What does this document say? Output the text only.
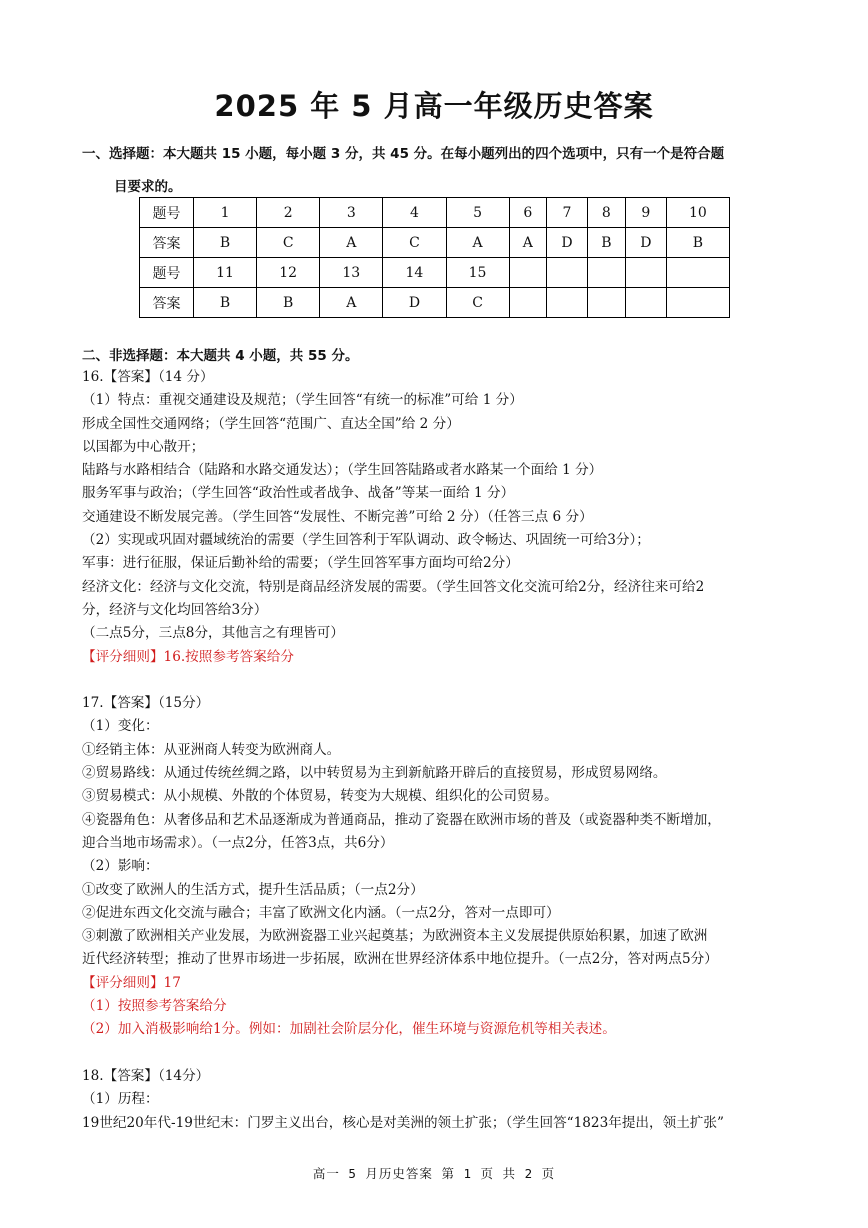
2025 年 5 月高一年级历史答案
一、选择题：本大题共 15 小题，每小题 3 分，共 45 分。在每小题列出的四个选项中，只有一个是符合题
目要求的。
题号	1	2	3	4	5	6	7	8	9	10
答案	B	C	A	C	A	A	D	B	D	B
题号	11	12	13	14	15					
答案	B	B	A	D	C					
二、非选择题：本大题共 4 小题，共 55 分。
16.【答案】（14 分）
（1）特点：重视交通建设及规范；（学生回答“有统一的标准”可给 1 分）
形成全国性交通网络；（学生回答“范围广、直达全国”给 2 分）
以国都为中心散开；
陆路与水路相结合（陆路和水路交通发达）；（学生回答陆路或者水路某一个面给 1 分）
服务军事与政治；（学生回答“政治性或者战争、战备”等某一面给 1 分）
交通建设不断发展完善。（学生回答“发展性、不断完善”可给 2 分）（任答三点 6 分）
（2）实现或巩固对疆域统治的需要（学生回答利于军队调动、政令畅达、巩固统一可给3分）；
军事：进行征服，保证后勤补给的需要；（学生回答军事方面均可给2分）
经济文化：经济与文化交流，特别是商品经济发展的需要。（学生回答文化交流可给2分，经济往来可给2
分，经济与文化均回答给3分）
（二点5分，三点8分，其他言之有理皆可）
【评分细则】16.按照参考答案给分
17.【答案】（15分）
（1）变化：
①经销主体：从亚洲商人转变为欧洲商人。
②贸易路线：从通过传统丝绸之路，以中转贸易为主到新航路开辟后的直接贸易，形成贸易网络。
③贸易模式：从小规模、外散的个体贸易，转变为大规模、组织化的公司贸易。
④瓷器角色：从奢侈品和艺术品逐渐成为普通商品，推动了瓷器在欧洲市场的普及（或瓷器种类不断增加，
迎合当地市场需求）。（一点2分，任答3点，共6分）
（2）影响：
①改变了欧洲人的生活方式，提升生活品质；（一点2分）
②促进东西文化交流与融合；丰富了欧洲文化内涵。（一点2分，答对一点即可）
③刺激了欧洲相关产业发展，为欧洲瓷器工业兴起奠基；为欧洲资本主义发展提供原始积累，加速了欧洲
近代经济转型；推动了世界市场进一步拓展，欧洲在世界经济体系中地位提升。（一点2分，答对两点5分）
【评分细则】17
（1）按照参考答案给分
（2）加入消极影响给1分。例如：加剧社会阶层分化，催生环境与资源危机等相关表述。
18.【答案】（14分）
（1）历程：
19世纪20年代-19世纪末：门罗主义出台，核心是对美洲的领土扩张；（学生回答“1823年提出，领土扩张”
高一 5 月历史答案 第 1 页 共 2 页
